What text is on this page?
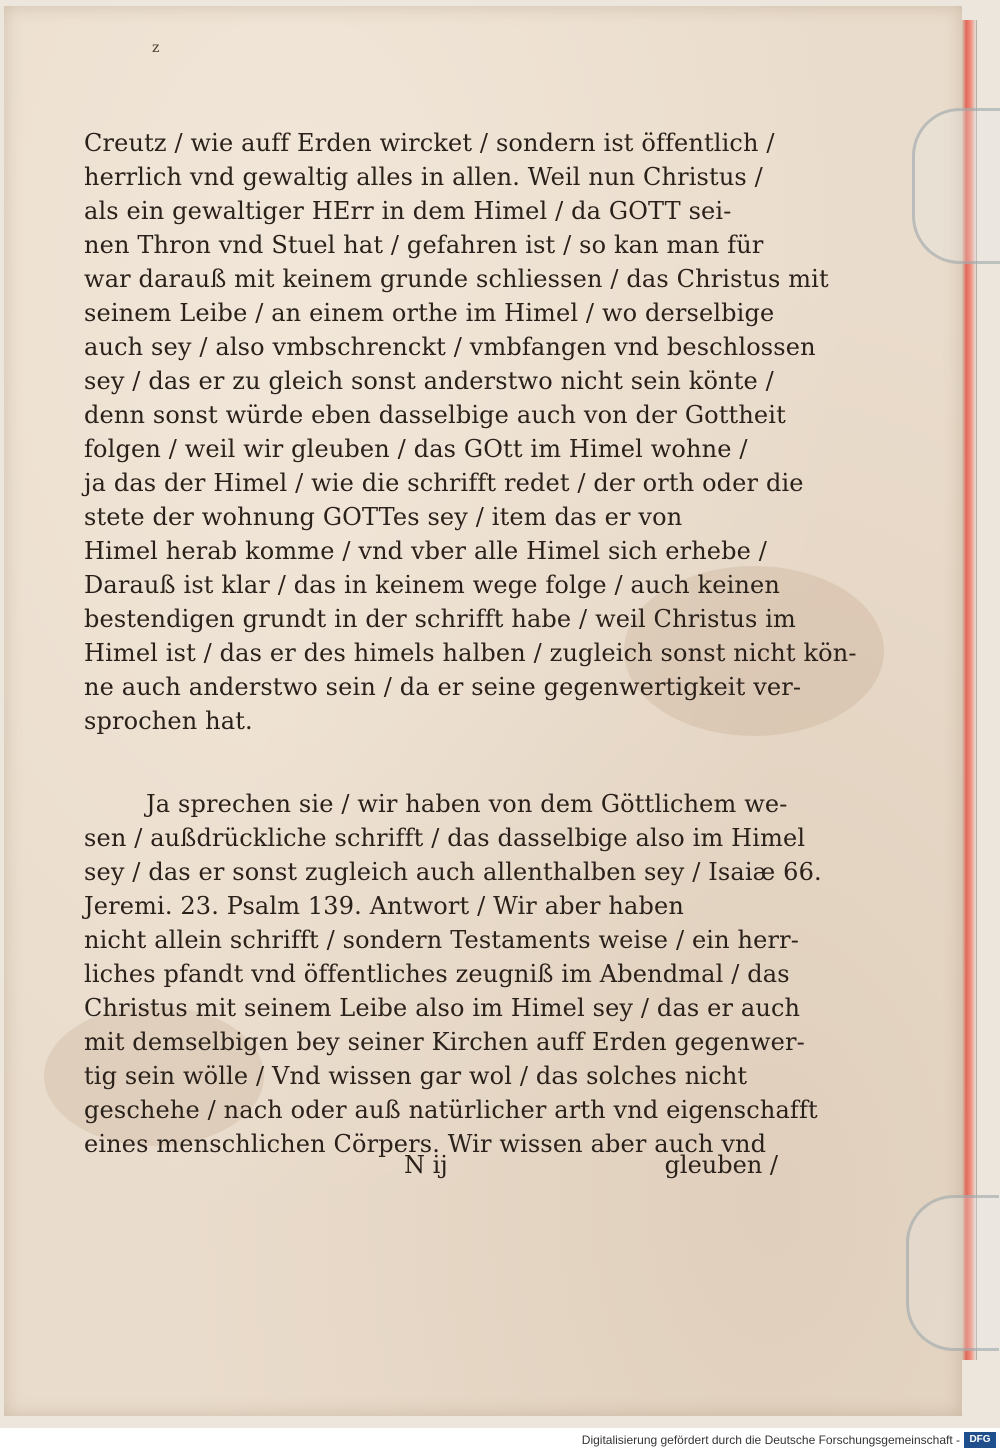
z
Creutz / wie auff Erden wircket / sondern ist öffentlich /
herrlich vnd gewaltig alles in allen. Weil nun Christus /
als ein gewaltiger HErr in dem Himel / da GOTT sei-
nen Thron vnd Stuel hat / gefahren ist / so kan man für
war darauß mit keinem grunde schliessen / das Christus mit
seinem Leibe / an einem orthe im Himel / wo derselbige
auch sey / also vmbschrenckt / vmbfangen vnd beschlossen
sey / das er zu gleich sonst anderstwo nicht sein könte /
denn sonst würde eben dasselbige auch von der Gottheit
folgen / weil wir gleuben / das GOtt im Himel wohne /
ja das der Himel / wie die schrifft redet / der orth oder die
stete der wohnung GOTTes sey / item das er von
Himel herab komme / vnd vber alle Himel sich erhebe /
Darauß ist klar / das in keinem wege folge / auch keinen
bestendigen grundt in der schrifft habe / weil Christus im
Himel ist / das er des himels halben / zugleich sonst nicht kön-
ne auch anderstwo sein / da er seine gegenwertigkeit ver-
sprochen hat.
Ja sprechen sie / wir haben von dem Göttlichem we-
sen / außdrückliche schrifft / das dasselbige also im Himel
sey / das er sonst zugleich auch allenthalben sey / Isaiæ 66.
Jeremi. 23. Psalm 139. Antwort / Wir aber haben
nicht allein schrifft / sondern Testaments weise / ein herr-
liches pfandt vnd öffentliches zeugniß im Abendmal / das
Christus mit seinem Leibe also im Himel sey / das er auch
mit demselbigen bey seiner Kirchen auff Erden gegenwer-
tig sein wölle / Vnd wissen gar wol / das solches nicht
geschehe / nach oder auß natürlicher arth vnd eigenschafft
eines menschlichen Cörpers. Wir wissen aber auch vnd
N ij	gleuben /
Digitalisierung gefördert durch die Deutsche Forschungsgemeinschaft - DFG
